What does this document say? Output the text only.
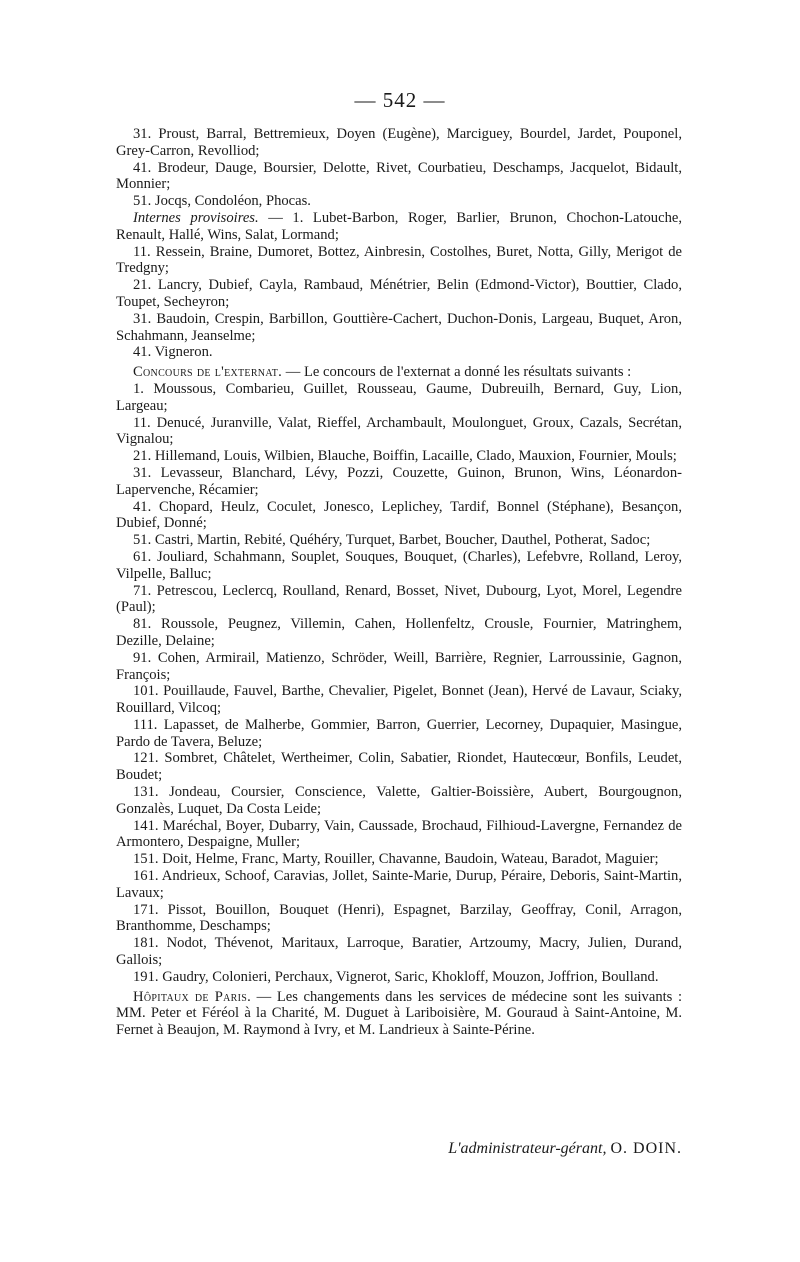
— 542 —

31. Proust, Barral, Bettremieux, Doyen (Eugène), Marciguey, Bourdel, Jardet, Pouponel, Grey-Carron, Revolliod;

41. Brodeur, Dauge, Boursier, Delotte, Rivet, Courbatieu, Deschamps, Jacquelot, Bidault, Monnier;

51. Jocqs, Condoléon, Phocas.

Internes provisoires. — 1. Lubet-Barbon, Roger, Barlier, Brunon, Chochon-Latouche, Renault, Hallé, Wins, Salat, Lormand;

11. Ressein, Braine, Dumoret, Bottez, Ainbresin, Costolhes, Buret, Notta, Gilly, Merigot de Tredgny;

21. Lancry, Dubief, Cayla, Rambaud, Ménétrier, Belin (Edmond-Victor), Bouttier, Clado, Toupet, Secheyron;

31. Baudoin, Crespin, Barbillon, Gouttière-Cachert, Duchon-Donis, Largeau, Buquet, Aron, Schahmann, Jeanselme;

41. Vigneron.

Concours de l'externat. — Le concours de l'externat a donné les résultats suivants :

1. Moussous, Combarieu, Guillet, Rousseau, Gaume, Dubreuilh, Bernard, Guy, Lion, Largeau;

11. Denucé, Juranville, Valat, Rieffel, Archambault, Moulonguet, Groux, Cazals, Secrétan, Vignalou;

21. Hillemand, Louis, Wilbien, Blauche, Boiffin, Lacaille, Clado, Mauxion, Fournier, Mouls;

31. Levasseur, Blanchard, Lévy, Pozzi, Couzette, Guinon, Brunon, Wins, Léonardon-Lapervenche, Récamier;

41. Chopard, Heulz, Coculet, Jonesco, Leplichey, Tardif, Bonnel (Stéphane), Besançon, Dubief, Donné;

51. Castri, Martin, Rebité, Quéhéry, Turquet, Barbet, Boucher, Dauthel, Potherat, Sadoc;

61. Jouliard, Schahmann, Souplet, Souques, Bouquet, (Charles), Lefebvre, Rolland, Leroy, Vilpelle, Balluc;

71. Petrescou, Leclercq, Roulland, Renard, Bosset, Nivet, Dubourg, Lyot, Morel, Legendre (Paul);

81. Roussole, Peugnez, Villemin, Cahen, Hollenfeltz, Crousle, Fournier, Matringhem, Dezille, Delaine;

91. Cohen, Armirail, Matienzo, Schröder, Weill, Barrière, Regnier, Larroussinie, Gagnon, François;

101. Pouillaude, Fauvel, Barthe, Chevalier, Pigelet, Bonnet (Jean), Hervé de Lavaur, Sciaky, Rouillard, Vilcoq;

111. Lapasset, de Malherbe, Gommier, Barron, Guerrier, Lecorney, Dupaquier, Masingue, Pardo de Tavera, Beluze;

121. Sombret, Châtelet, Wertheimer, Colin, Sabatier, Riondet, Hautecœur, Bonfils, Leudet, Boudet;

131. Jondeau, Coursier, Conscience, Valette, Galtier-Boissière, Aubert, Bourgougnon, Gonzalès, Luquet, Da Costa Leide;

141. Maréchal, Boyer, Dubarry, Vain, Caussade, Brochaud, Filhioud-Lavergne, Fernandez de Armontero, Despaigne, Muller;

151. Doit, Helme, Franc, Marty, Rouiller, Chavanne, Baudoin, Wateau, Baradot, Maguier;

161. Andrieux, Schoof, Caravias, Jollet, Sainte-Marie, Durup, Péraire, Deboris, Saint-Martin, Lavaux;

171. Pissot, Bouillon, Bouquet (Henri), Espagnet, Barzilay, Geoffray, Conil, Arragon, Branthomme, Deschamps;

181. Nodot, Thévenot, Maritaux, Larroque, Baratier, Artzoumy, Macry, Julien, Durand, Gallois;

191. Gaudry, Colonieri, Perchaux, Vignerot, Saric, Khokloff, Mouzon, Joffrion, Boulland.

Hôpitaux de Paris. — Les changements dans les services de médecine sont les suivants : MM. Peter et Féréol à la Charité, M. Duguet à Lariboisière, M. Gouraud à Saint-Antoine, M. Fernet à Beaujon, M. Raymond à Ivry, et M. Landrieux à Sainte-Périne.

L'administrateur-gérant, O. DOIN.
